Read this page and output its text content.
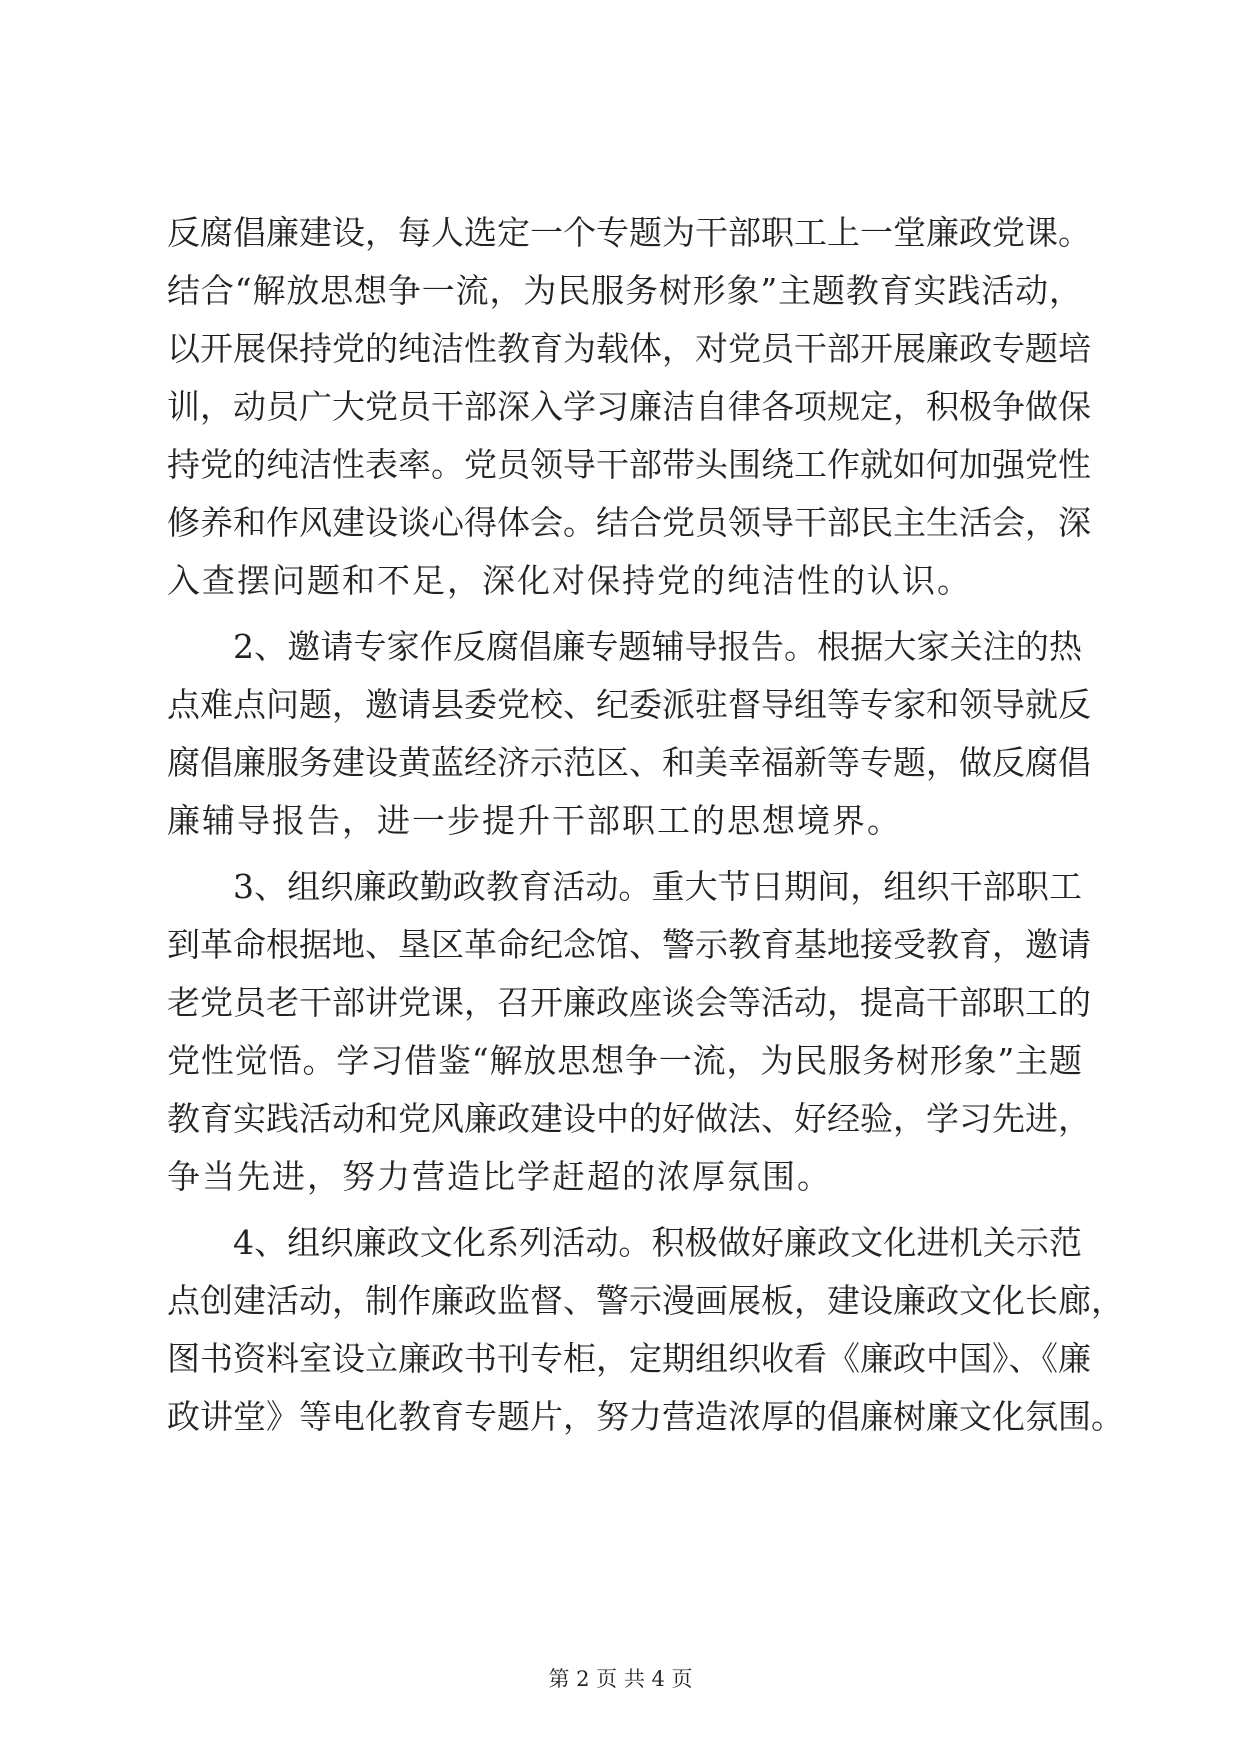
反腐倡廉建设，每人选定一个专题为干部职工上一堂廉政党课。
结合“解放思想争一流，为民服务树形象”主题教育实践活动，
以开展保持党的纯洁性教育为载体，对党员干部开展廉政专题培
训，动员广大党员干部深入学习廉洁自律各项规定，积极争做保
持党的纯洁性表率。党员领导干部带头围绕工作就如何加强党性
修养和作风建设谈心得体会。结合党员领导干部民主生活会，深
入查摆问题和不足，深化对保持党的纯洁性的认识。
2、邀请专家作反腐倡廉专题辅导报告。根据大家关注的热
点难点问题，邀请县委党校、纪委派驻督导组等专家和领导就反
腐倡廉服务建设黄蓝经济示范区、和美幸福新等专题，做反腐倡
廉辅导报告，进一步提升干部职工的思想境界。
3、组织廉政勤政教育活动。重大节日期间，组织干部职工
到革命根据地、垦区革命纪念馆、警示教育基地接受教育，邀请
老党员老干部讲党课，召开廉政座谈会等活动，提高干部职工的
党性觉悟。学习借鉴“解放思想争一流，为民服务树形象”主题
教育实践活动和党风廉政建设中的好做法、好经验，学习先进，
争当先进，努力营造比学赶超的浓厚氛围。
4、组织廉政文化系列活动。积极做好廉政文化进机关示范
点创建活动，制作廉政监督、警示漫画展板，建设廉政文化长廊，
图书资料室设立廉政书刊专柜，定期组织收看《廉政中国》、《廉
政讲堂》等电化教育专题片，努力营造浓厚的倡廉树廉文化氛围。
第 2 页 共 4 页
